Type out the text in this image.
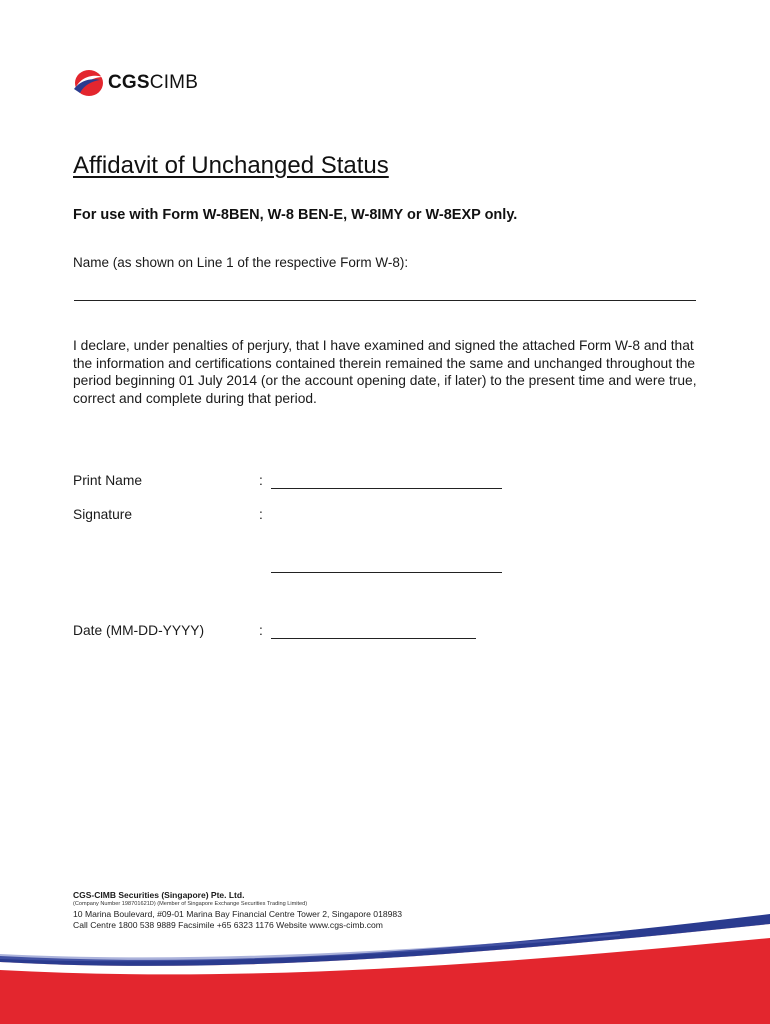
CGSCIMB
Affidavit of Unchanged Status
For use with Form W-8BEN, W-8 BEN-E, W-8IMY or W-8EXP only.
Name (as shown on Line 1 of the respective Form W-8):
I declare, under penalties of perjury, that I have examined and signed the attached Form W-8 and that the information and certifications contained therein remained the same and unchanged throughout the period beginning 01 July 2014 (or the account opening date, if later) to the present time and were true, correct and complete during that period.
Print Name	:
Signature	:
Date (MM-DD-YYYY)	:
CGS-CIMB Securities (Singapore) Pte. Ltd.
(Company Number 198701621D) (Member of Singapore Exchange Securities Trading Limited)
10 Marina Boulevard, #09-01 Marina Bay Financial Centre Tower 2, Singapore 018983
Call Centre 1800 538 9889 Facsimile +65 6323 1176 Website www.cgs-cimb.com
